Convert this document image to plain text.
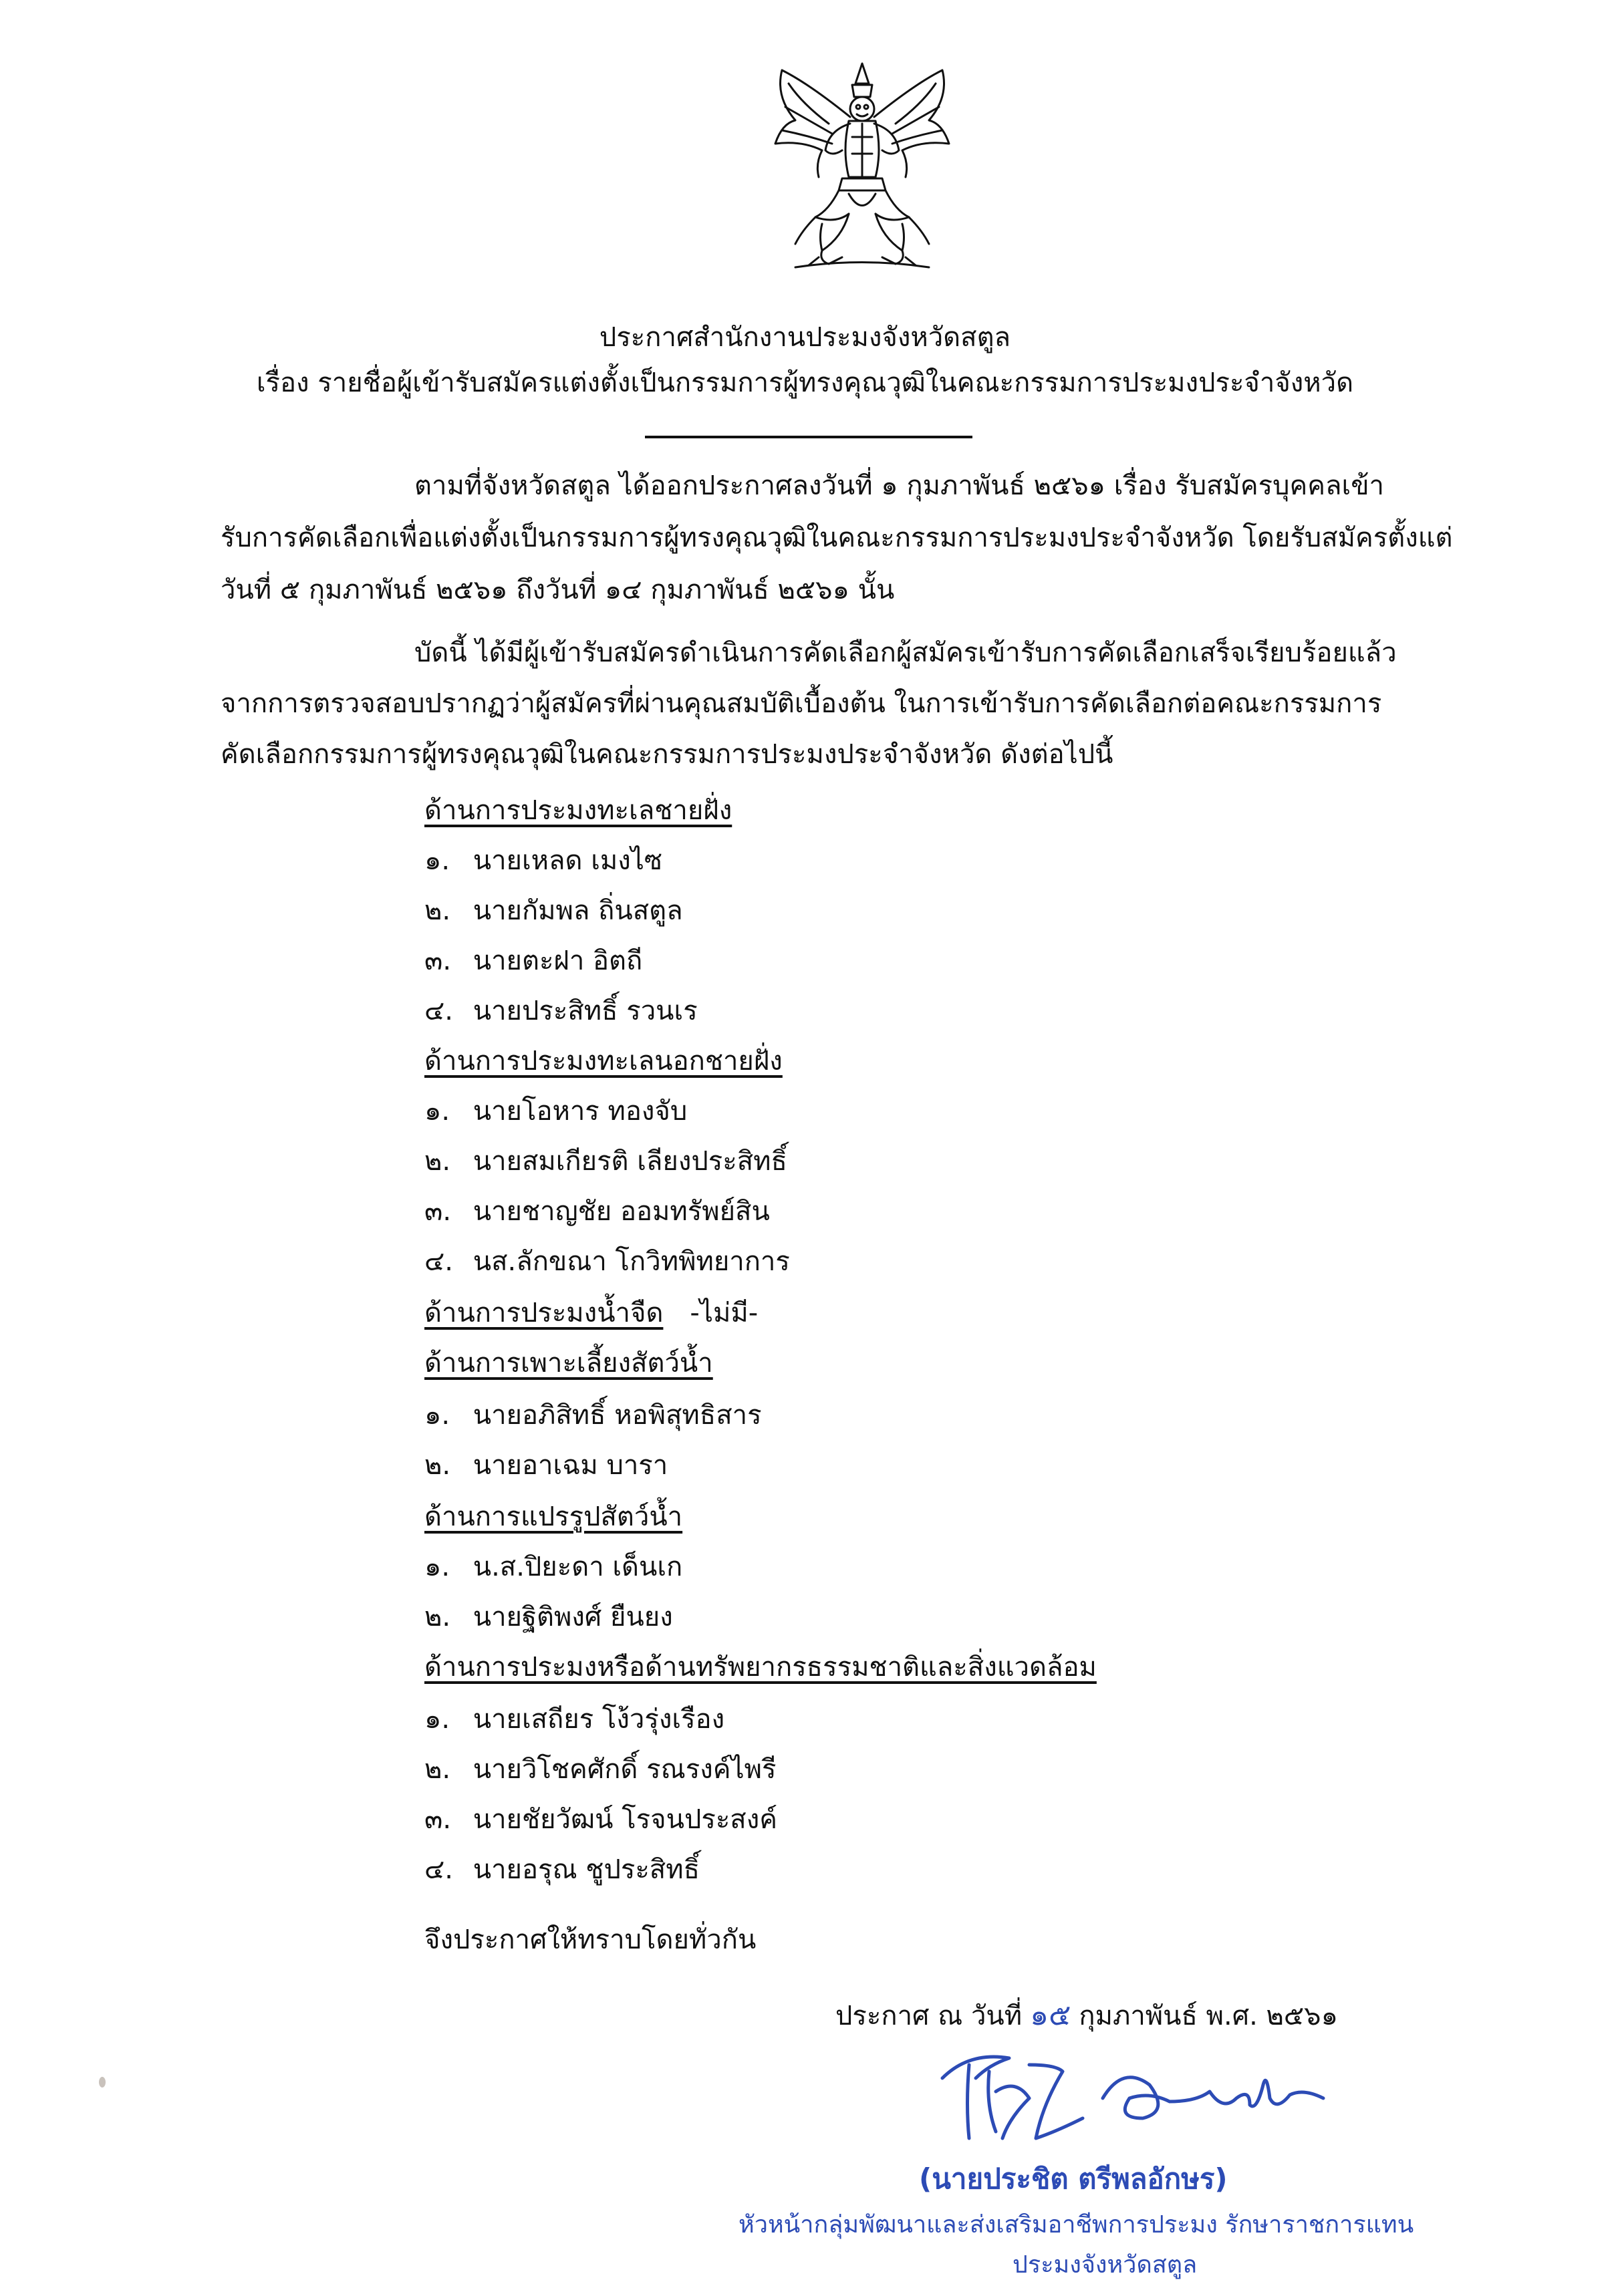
ประกาศสำนักงานประมงจังหวัดสตูล
เรื่อง รายชื่อผู้เข้ารับสมัครแต่งตั้งเป็นกรรมการผู้ทรงคุณวุฒิในคณะกรรมการประมงประจำจังหวัด
ตามที่จังหวัดสตูล ได้ออกประกาศลงวันที่ ๑ กุมภาพันธ์ ๒๕๖๑ เรื่อง รับสมัครบุคคลเข้า
รับการคัดเลือกเพื่อแต่งตั้งเป็นกรรมการผู้ทรงคุณวุฒิในคณะกรรมการประมงประจำจังหวัด โดยรับสมัครตั้งแต่
วันที่ ๕ กุมภาพันธ์ ๒๕๖๑ ถึงวันที่ ๑๔ กุมภาพันธ์ ๒๕๖๑ นั้น
บัดนี้ ได้มีผู้เข้ารับสมัครดำเนินการคัดเลือกผู้สมัครเข้ารับการคัดเลือกเสร็จเรียบร้อยแล้ว
จากการตรวจสอบปรากฏว่าผู้สมัครที่ผ่านคุณสมบัติเบื้องต้น ในการเข้ารับการคัดเลือกต่อคณะกรรมการ
คัดเลือกกรรมการผู้ทรงคุณวุฒิในคณะกรรมการประมงประจำจังหวัด ดังต่อไปนี้
ด้านการประมงทะเลชายฝั่ง
๑. นายเหลด เมงไซ
๒. นายกัมพล ถิ่นสตูล
๓. นายตะฝา อิตถี
๔. นายประสิทธิ์ รวนเร
ด้านการประมงทะเลนอกชายฝั่ง
๑. นายโอหาร ทองจับ
๒. นายสมเกียรติ เลียงประสิทธิ์
๓. นายชาญชัย ออมทรัพย์สิน
๔. นส.ลักขณา โกวิทพิทยาการ
ด้านการประมงน้ำจืด -ไม่มี-
ด้านการเพาะเลี้ยงสัตว์น้ำ
๑. นายอภิสิทธิ์ หอพิสุทธิสาร
๒. นายอาเฉม บารา
ด้านการแปรรูปสัตว์น้ำ
๑. น.ส.ปิยะดา เด็นเก
๒. นายฐิติพงศ์ ยืนยง
ด้านการประมงหรือด้านทรัพยากรธรรมชาติและสิ่งแวดล้อม
๑. นายเสถียร โง้วรุ่งเรือง
๒. นายวิโชคศักดิ์ รณรงค์ไพรี
๓. นายชัยวัฒน์ โรจนประสงค์
๔. นายอรุณ ชูประสิทธิ์
จึงประกาศให้ทราบโดยทั่วกัน
ประกาศ ณ วันที่ ๑๕ กุมภาพันธ์ พ.ศ. ๒๕๖๑
(นายประชิต ตรีพลอักษร)
หัวหน้ากลุ่มพัฒนาและส่งเสริมอาชีพการประมง รักษาราชการแทน
ประมงจังหวัดสตูล
